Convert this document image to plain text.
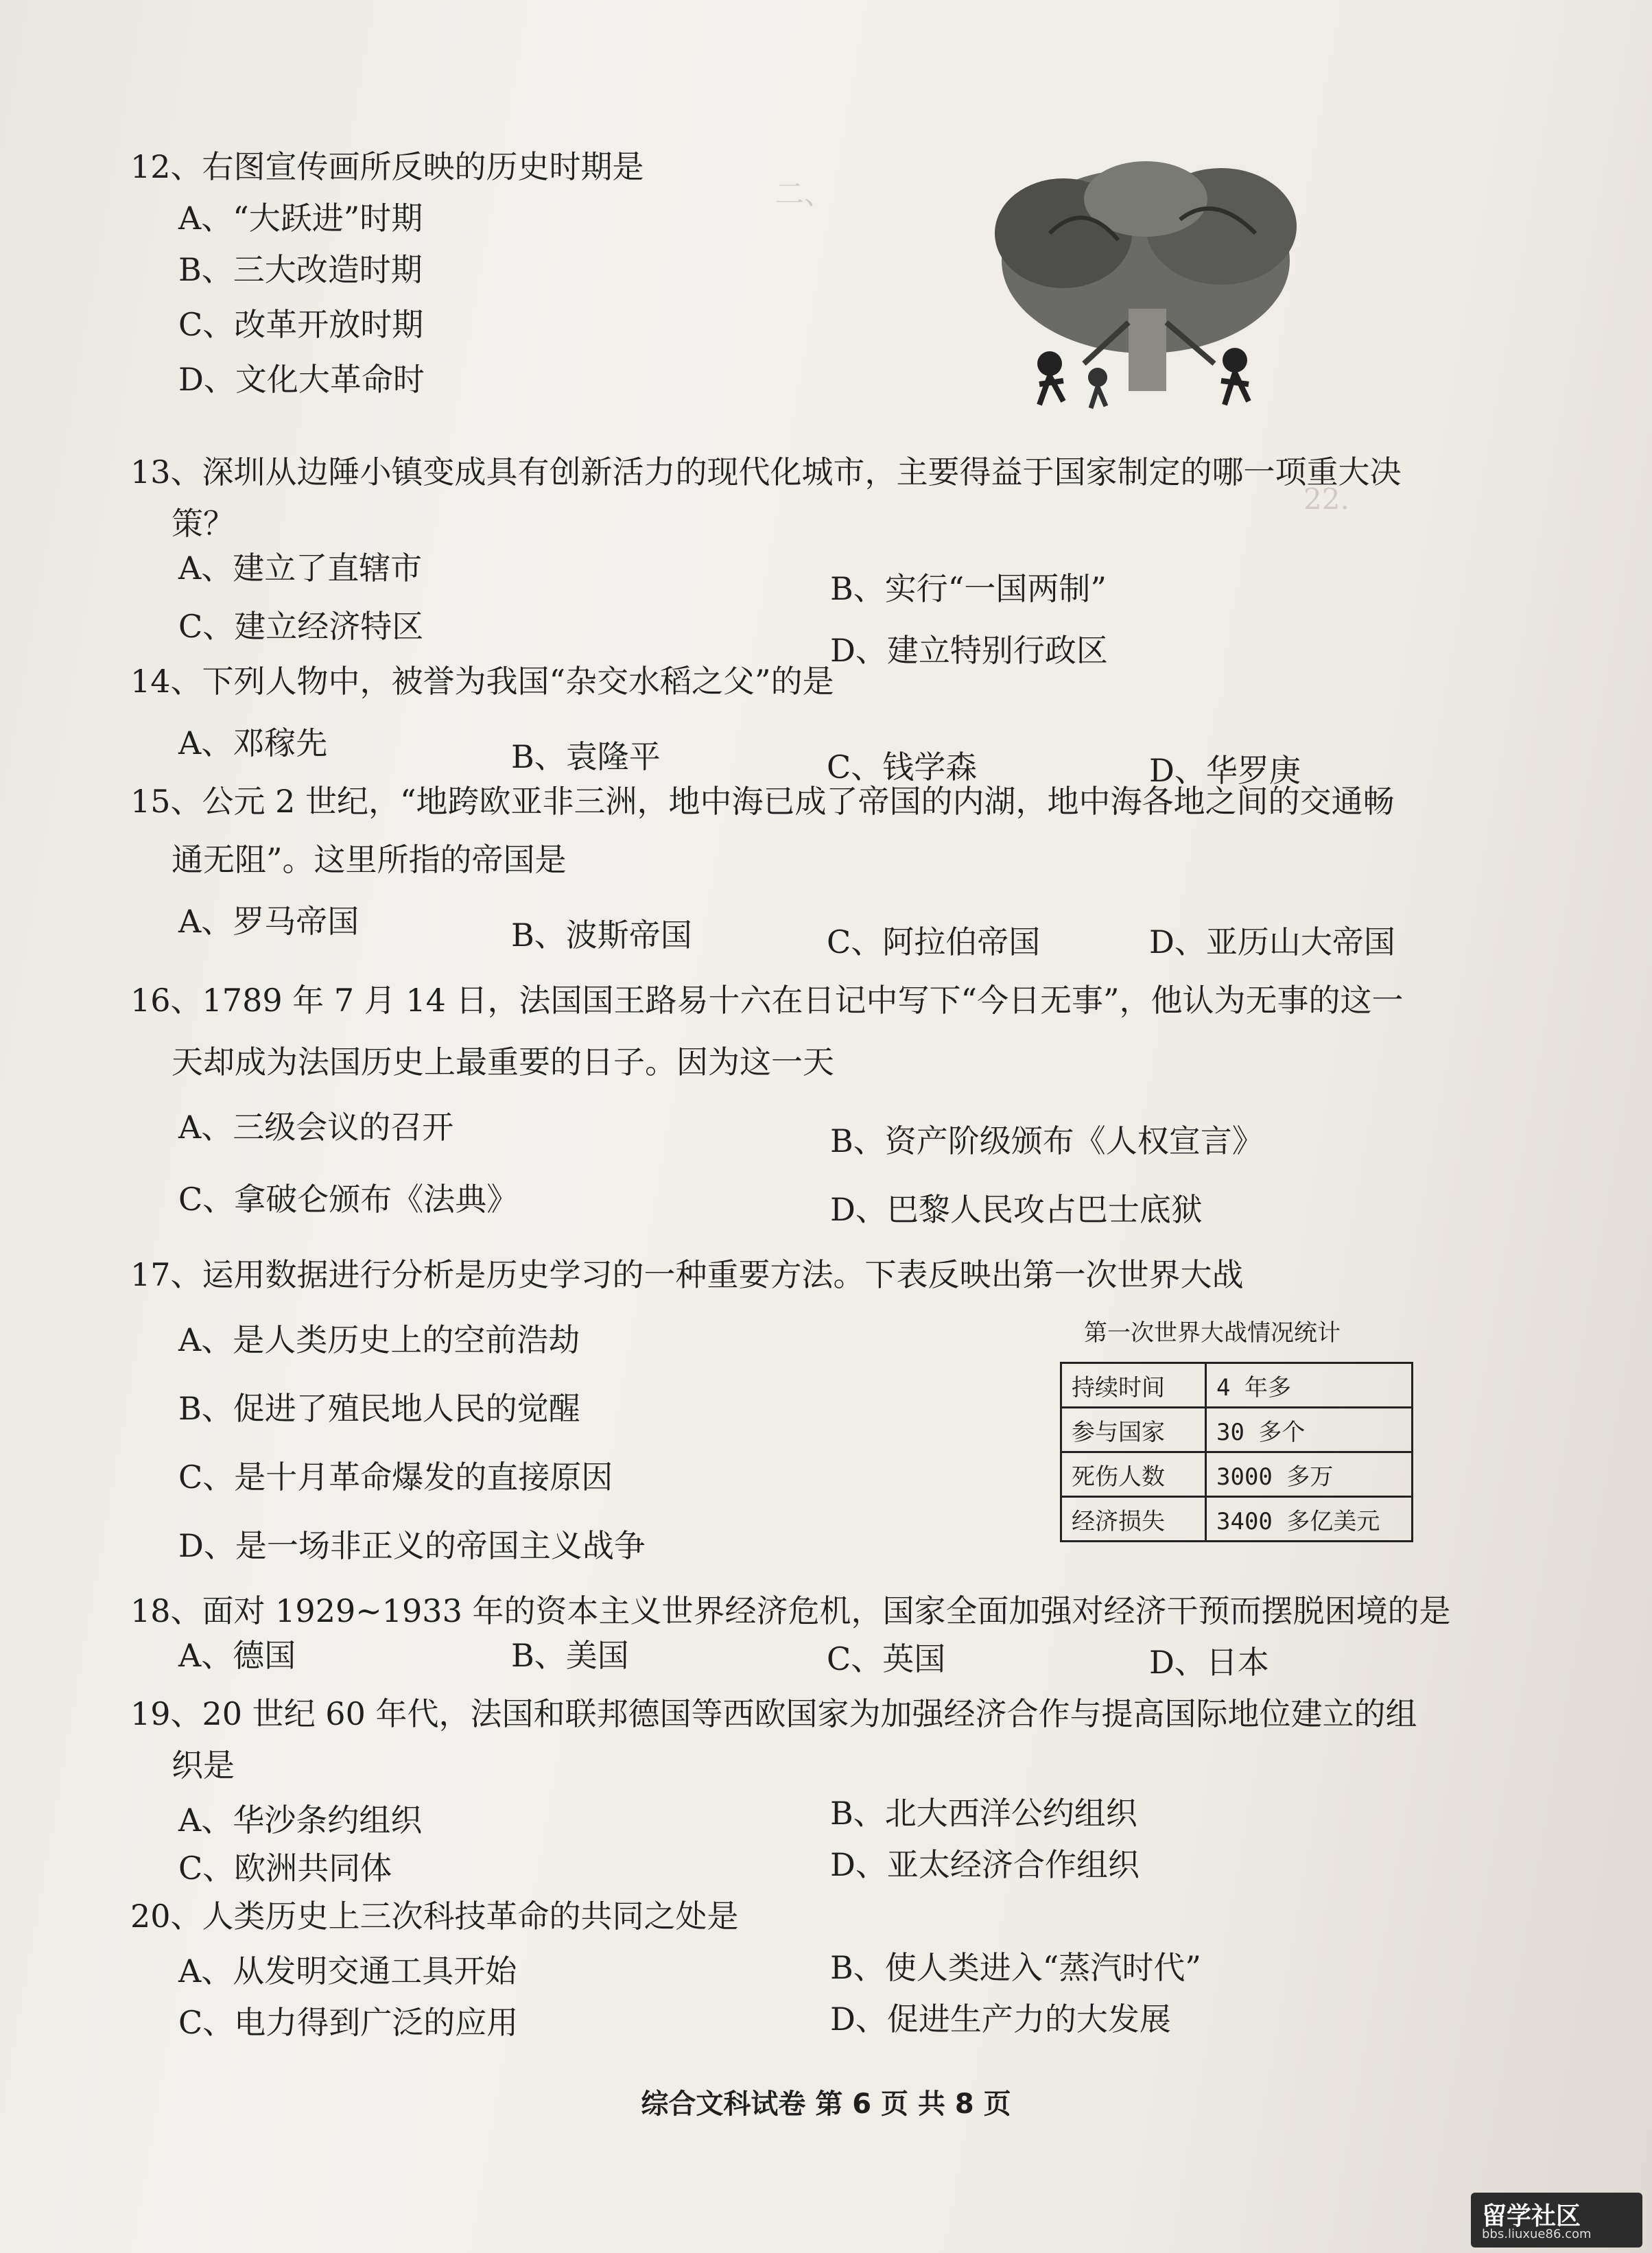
二、
22.
12、右图宣传画所反映的历史时期是
A、“大跃进”时期
B、三大改造时期
C、改革开放时期
D、文化大革命时
13、深圳从边陲小镇变成具有创新活力的现代化城市，主要得益于国家制定的哪一项重大决
策？
A、建立了直辖市
B、实行“一国两制”
C、建立经济特区
D、建立特别行政区
14、下列人物中，被誉为我国“杂交水稻之父”的是
A、邓稼先	B、袁隆平	C、钱学森	D、华罗庚
15、公元 2 世纪，“地跨欧亚非三洲，地中海已成了帝国的内湖，地中海各地之间的交通畅
通无阻”。这里所指的帝国是
A、罗马帝国	B、波斯帝国	C、阿拉伯帝国	D、亚历山大帝国
16、1789 年 7 月 14 日，法国国王路易十六在日记中写下“今日无事”，他认为无事的这一
天却成为法国历史上最重要的日子。因为这一天
A、三级会议的召开	B、资产阶级颁布《人权宣言》
C、拿破仑颁布《法典》	D、巴黎人民攻占巴士底狱
17、运用数据进行分析是历史学习的一种重要方法。下表反映出第一次世界大战
A、是人类历史上的空前浩劫
B、促进了殖民地人民的觉醒
C、是十月革命爆发的直接原因
D、是一场非正义的帝国主义战争
第一次世界大战情况统计
持续时间	4 年多
参与国家	30 多个
死伤人数	3000 多万
经济损失	3400 多亿美元
18、面对 1929~1933 年的资本主义世界经济危机，国家全面加强对经济干预而摆脱困境的是
A、德国	B、美国	C、英国	D、日本
19、20 世纪 60 年代，法国和联邦德国等西欧国家为加强经济合作与提高国际地位建立的组
织是
A、华沙条约组织	B、北大西洋公约组织
C、欧洲共同体	D、亚太经济合作组织
20、人类历史上三次科技革命的共同之处是
A、从发明交通工具开始	B、使人类进入“蒸汽时代”
C、电力得到广泛的应用	D、促进生产力的大发展
综合文科试卷 第 6 页 共 8 页
留学社区
bbs.liuxue86.com
